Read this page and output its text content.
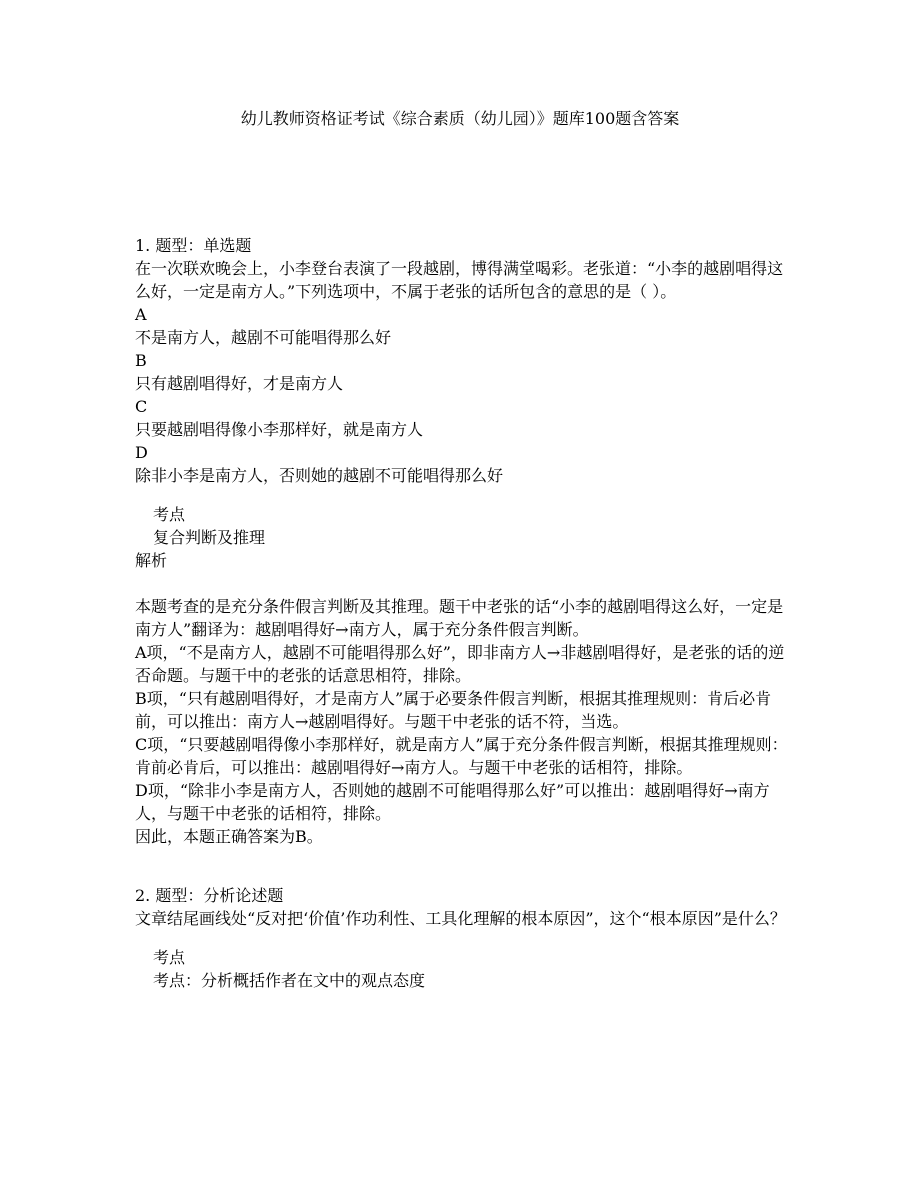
幼儿教师资格证考试《综合素质（幼儿园）》题库100题含答案

1. 题型：单选题

在一次联欢晚会上，小李登台表演了一段越剧，博得满堂喝彩。老张道：“小李的越剧唱得这么好，一定是南方人。”下列选项中，不属于老张的话所包含的意思的是（ ）。

A

不是南方人，越剧不可能唱得那么好

B

只有越剧唱得好，才是南方人

C

只要越剧唱得像小李那样好，就是南方人

D

除非小李是南方人，否则她的越剧不可能唱得那么好

考点

复合判断及推理

解析

本题考查的是充分条件假言判断及其推理。题干中老张的话“小李的越剧唱得这么好，一定是南方人”翻译为：越剧唱得好→南方人，属于充分条件假言判断。

A项，“不是南方人，越剧不可能唱得那么好”，即非南方人→非越剧唱得好，是老张的话的逆否命题。与题干中的老张的话意思相符，排除。

B项，“只有越剧唱得好，才是南方人”属于必要条件假言判断，根据其推理规则：肯后必肯前，可以推出：南方人→越剧唱得好。与题干中老张的话不符，当选。

C项，“只要越剧唱得像小李那样好，就是南方人”属于充分条件假言判断，根据其推理规则：肯前必肯后，可以推出：越剧唱得好→南方人。与题干中老张的话相符，排除。

D项，“除非小李是南方人，否则她的越剧不可能唱得那么好”可以推出：越剧唱得好→南方人，与题干中老张的话相符，排除。

因此，本题正确答案为B。

2. 题型：分析论述题

文章结尾画线处“反对把‘价值’作功利性、工具化理解的根本原因”，这个“根本原因”是什么？

考点

考点：分析概括作者在文中的观点态度
